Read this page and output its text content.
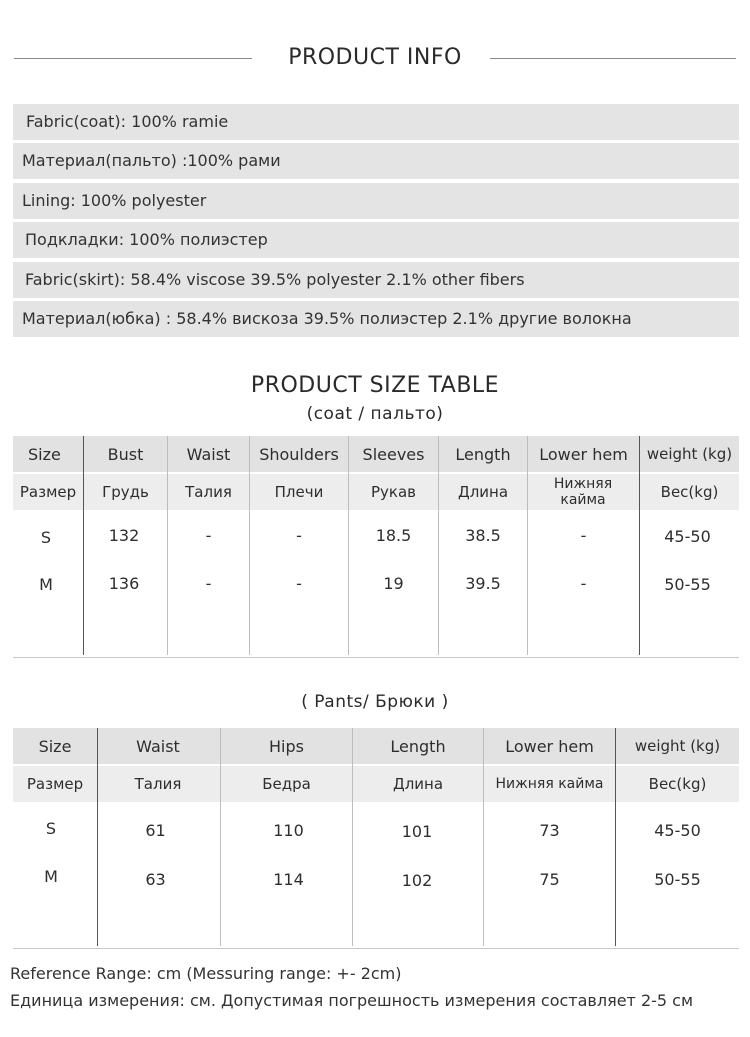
PRODUCT INFO
Fabric(coat): 100% ramie
Материал(пальто) :100% рами
Lining: 100% polyester
Подкладки: 100% полиэстер
Fabric(skirt): 58.4% viscose 39.5% polyester 2.1% other fibers
Материал(юбка) : 58.4% вискоза 39.5% полиэстер 2.1% другие волокна
PRODUCT SIZE TABLE
(coat / пальто)
Size	Bust	Waist	Shoulders	Sleeves	Length	Lower hem	weight (kg)
Размер	Грудь	Талия	Плечи	Рукав	Длина	Нижняя кайма	Вес(kg)
S	132	-	-	18.5	38.5	-	45-50
M	136	-	-	19	39.5	-	50-55
( Pants/ Брюки )
Size	Waist	Hips	Length	Lower hem	weight (kg)
Размер	Талия	Бедра	Длина	Нижняя кайма	Вес(kg)
S	61	110	101	73	45-50
M	63	114	102	75	50-55
Reference Range: cm (Messuring range: +- 2cm)
Единица измерения: см. Допустимая погрешность измерения составляет 2-5 см
